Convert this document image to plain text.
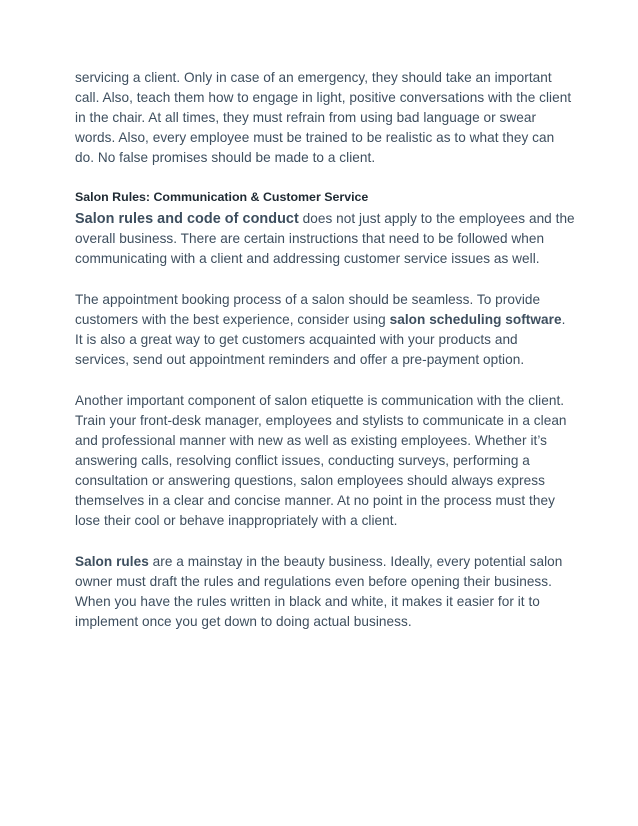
servicing a client. Only in case of an emergency, they should take an important call. Also, teach them how to engage in light, positive conversations with the client in the chair. At all times, they must refrain from using bad language or swear words. Also, every employee must be trained to be realistic as to what they can do. No false promises should be made to a client.

Salon Rules: Communication & Customer Service

Salon rules and code of conduct does not just apply to the employees and the overall business. There are certain instructions that need to be followed when communicating with a client and addressing customer service issues as well.

The appointment booking process of a salon should be seamless. To provide customers with the best experience, consider using salon scheduling software. It is also a great way to get customers acquainted with your products and services, send out appointment reminders and offer a pre-payment option.

Another important component of salon etiquette is communication with the client. Train your front-desk manager, employees and stylists to communicate in a clean and professional manner with new as well as existing employees. Whether it’s answering calls, resolving conflict issues, conducting surveys, performing a consultation or answering questions, salon employees should always express themselves in a clear and concise manner. At no point in the process must they lose their cool or behave inappropriately with a client.

Salon rules are a mainstay in the beauty business. Ideally, every potential salon owner must draft the rules and regulations even before opening their business. When you have the rules written in black and white, it makes it easier for it to implement once you get down to doing actual business.
